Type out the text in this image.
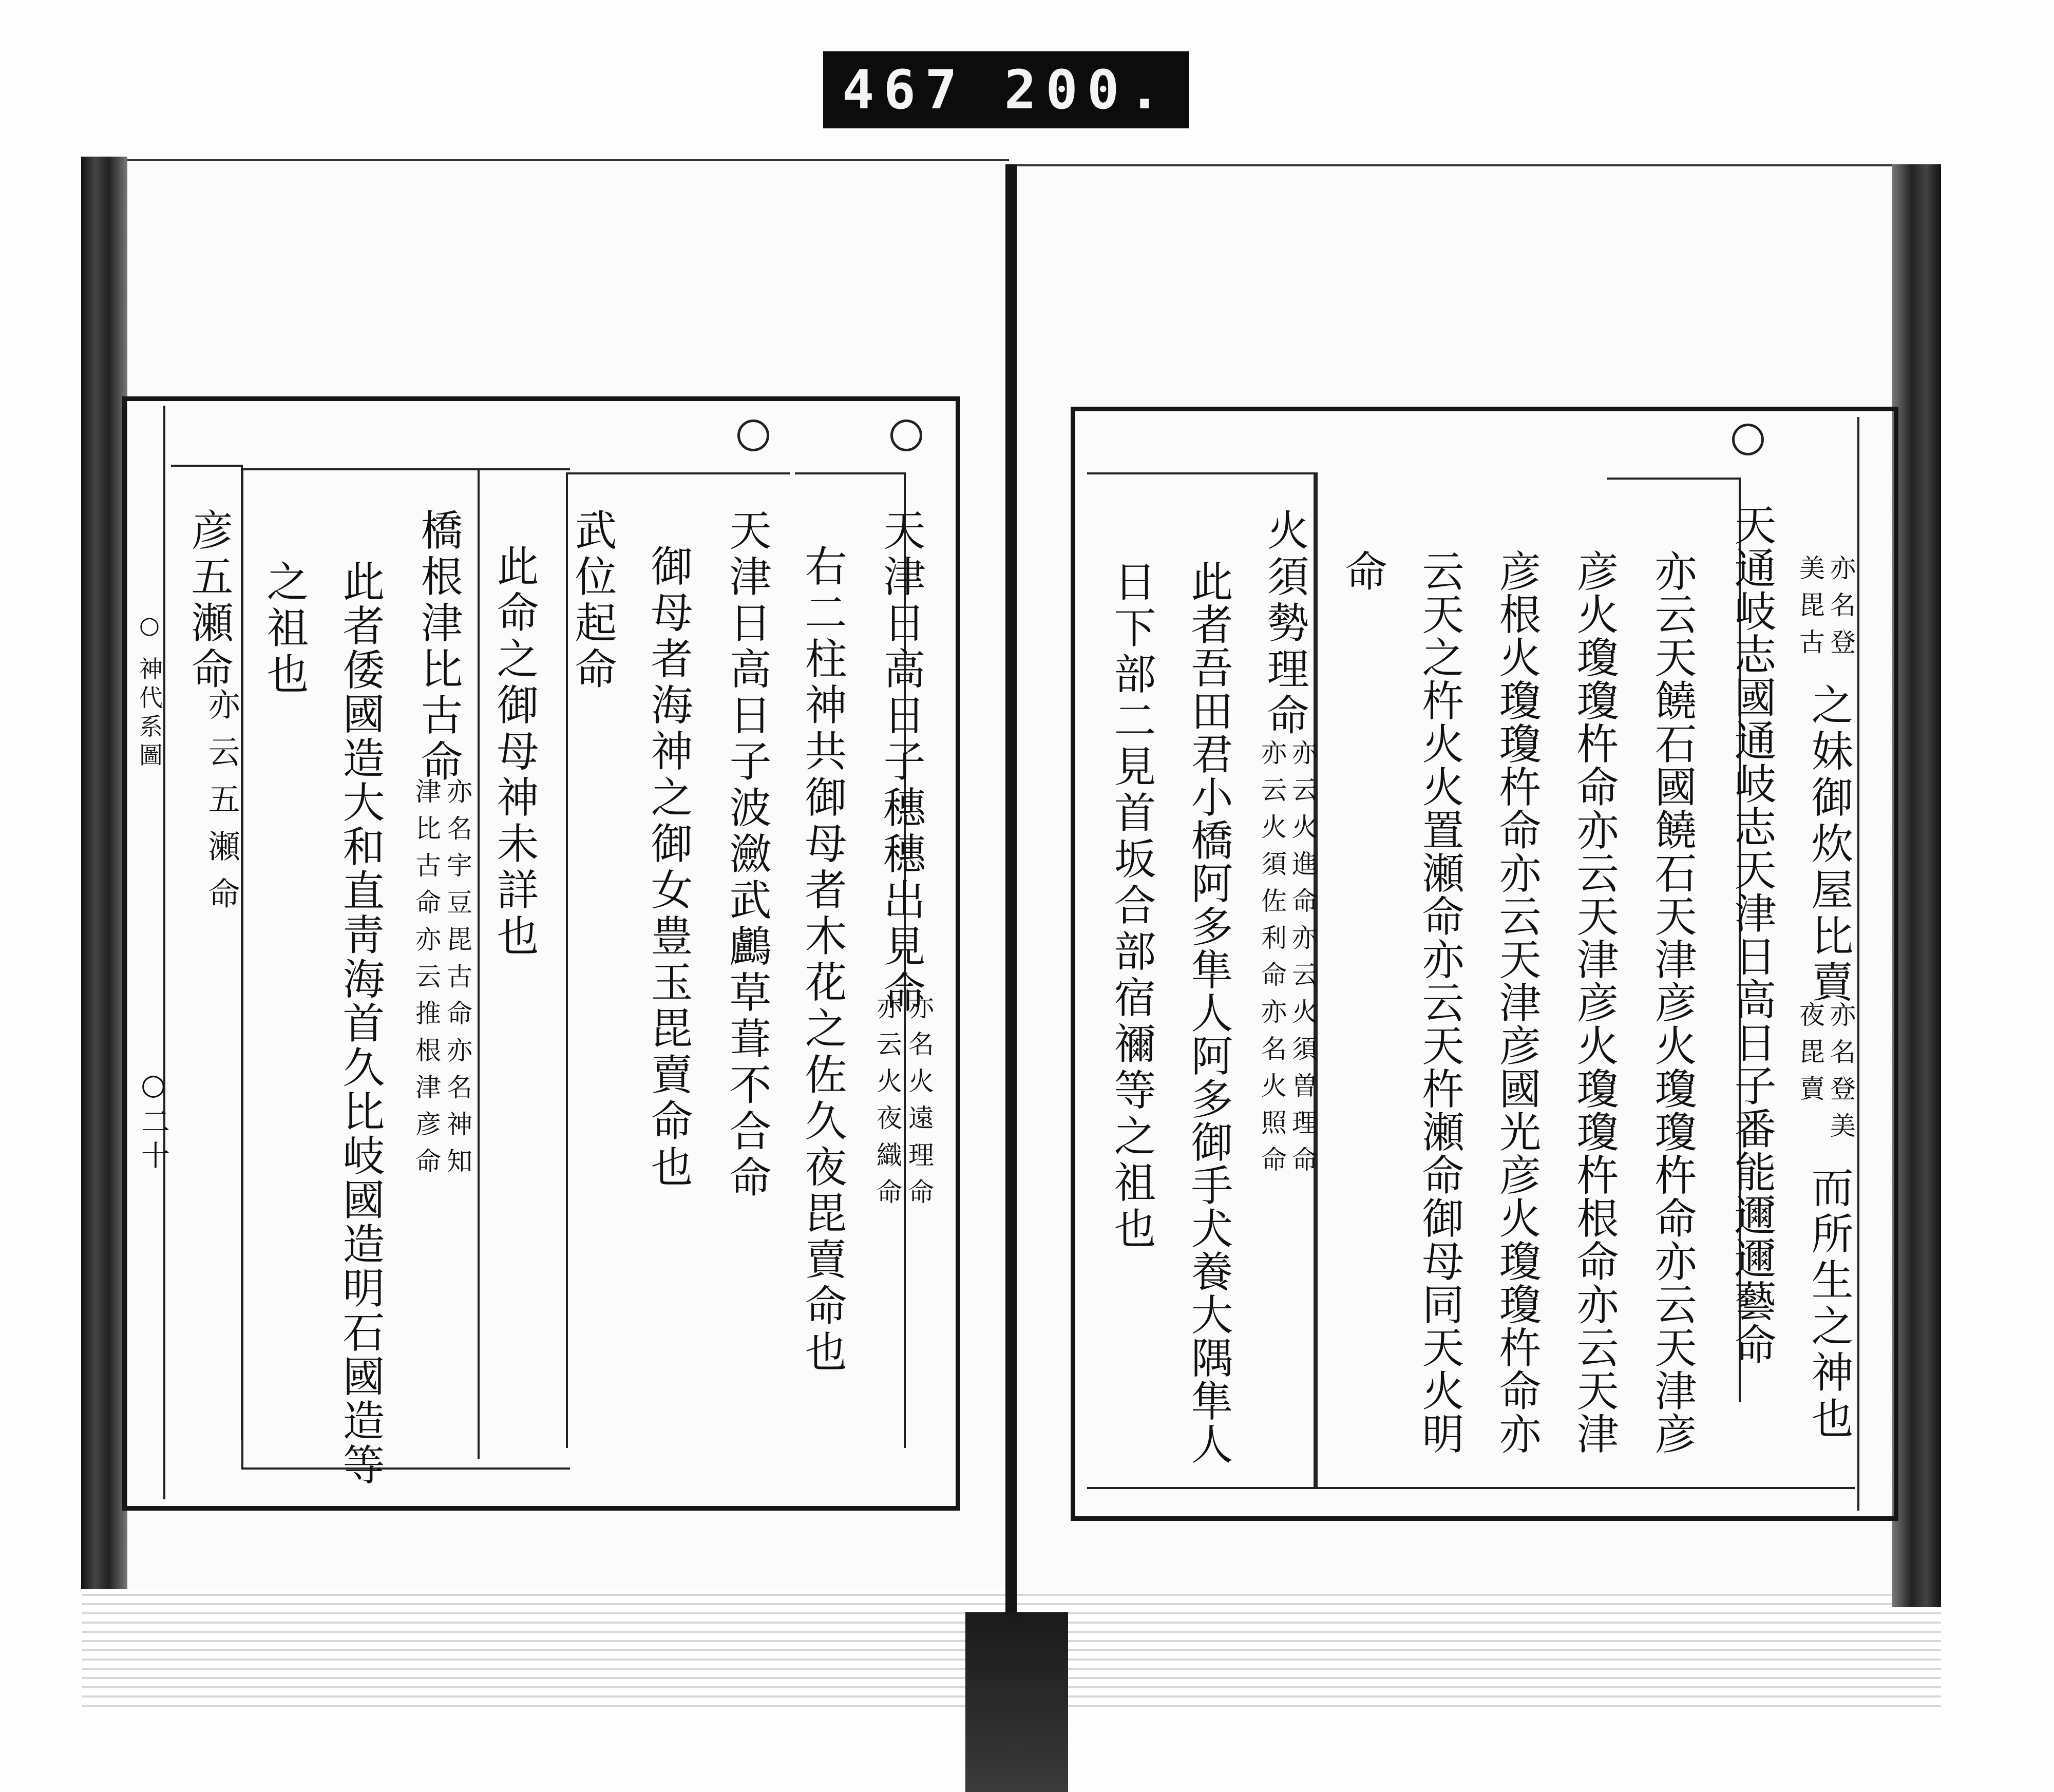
467 200.
○ 神代系圖
○二十
天津日高日子穗穗出見命
亦名火遠理命
亦云火夜織命
右二柱神共御母者木花之佐久夜毘賣命也
天津日高日子波瀲武鸕草葺不合命
御母者海神之御女豊玉毘賣命也
武位起命
此命之御母神未詳也
橋根津比古命
亦名宇豆毘古命亦名神知
津比古命亦云推根津彦命
此者倭國造大和直靑海首久比岐國造明石國造等
之祖也
彦五瀬命
亦云五瀬命
亦名登
美毘古
天通岐志國通岐志天津日高日子番能邇邇藝命 之妹御炊屋比賣
亦名登美
夜毘賣
而所生之神也
亦云天饒石國饒石天津彦火瓊瓊杵命亦云天津彦
彦火瓊瓊杵命亦云天津彦火瓊瓊杵根命亦云天津
彦根火瓊瓊杵命亦云天津彦國光彦火瓊瓊杵命亦
云天之杵火火置瀬命亦云天杵瀬命御母同天火明
命
火須勢理命
亦云火進命亦云火須曽理命
亦云火須佐利命亦名火照命
此者吾田君小橋阿多隼人阿多御手犬養大隅隼人
日下部二見首坂合部宿禰等之祖也
